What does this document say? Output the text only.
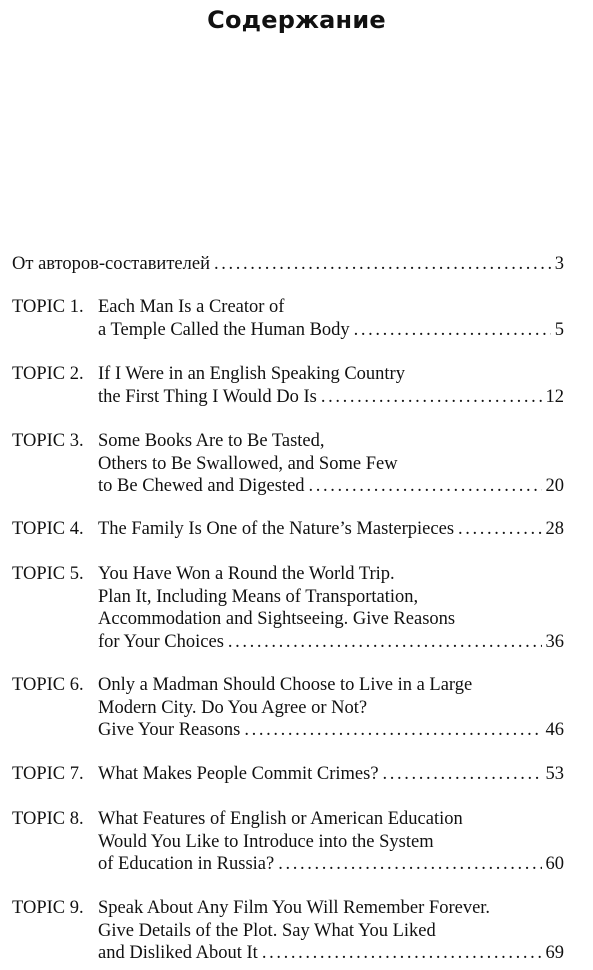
Содержание
От авторов-составителей . . .	3
TOPIC 1. Each Man Is a Creator of
a Temple Called the Human Body . . .	5
TOPIC 2. If I Were in an English Speaking Country
the First Thing I Would Do Is . . .	12
TOPIC 3. Some Books Are to Be Tasted,
Others to Be Swallowed, and Some Few
to Be Chewed and Digested . . .	20
TOPIC 4. The Family Is One of the Nature’s Masterpieces . . .	28
TOPIC 5. You Have Won a Round the World Trip.
Plan It, Including Means of Transportation,
Accommodation and Sightseeing. Give Reasons
for Your Choices . . .	36
TOPIC 6. Only a Madman Should Choose to Live in a Large
Modern City. Do You Agree or Not?
Give Your Reasons . . .	46
TOPIC 7. What Makes People Commit Crimes? . . .	53
TOPIC 8. What Features of English or American Education
Would You Like to Introduce into the System
of Education in Russia? . . .	60
TOPIC 9. Speak About Any Film You Will Remember Forever.
Give Details of the Plot. Say What You Liked
and Disliked About It . . .	69
